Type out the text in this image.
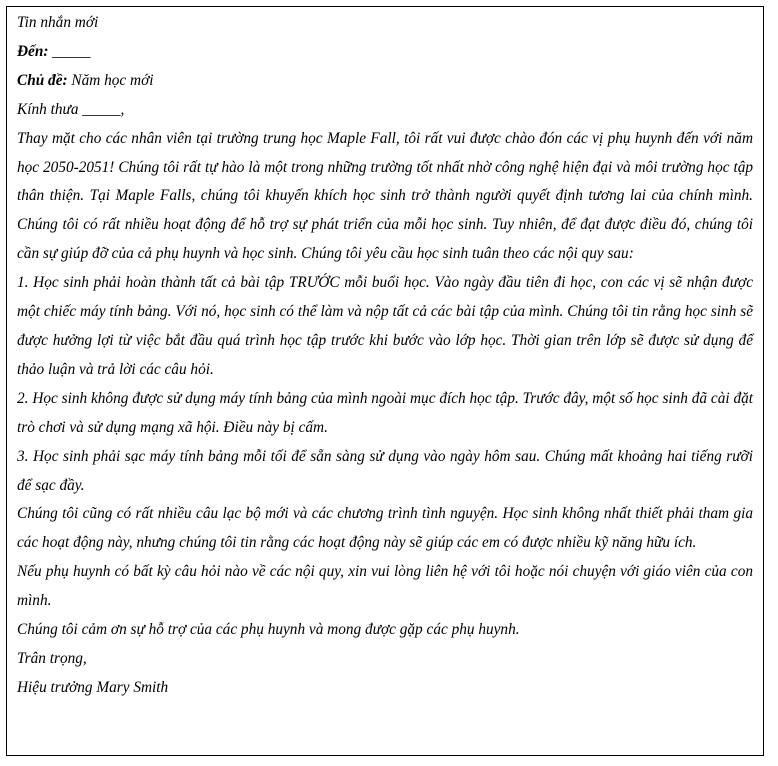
Tin nhắn mới

Đến: _____

Chủ đề: Năm học mới

Kính thưa _____,

Thay mặt cho các nhân viên tại trường trung học Maple Fall, tôi rất vui được chào đón các vị phụ huynh đến với năm học 2050-2051! Chúng tôi rất tự hào là một trong những trường tốt nhất nhờ công nghệ hiện đại và môi trường học tập thân thiện. Tại Maple Falls, chúng tôi khuyến khích học sinh trở thành người quyết định tương lai của chính mình. Chúng tôi có rất nhiều hoạt động để hỗ trợ sự phát triển của mỗi học sinh. Tuy nhiên, để đạt được điều đó, chúng tôi cần sự giúp đỡ của cả phụ huynh và học sinh. Chúng tôi yêu cầu học sinh tuân theo các nội quy sau:

1. Học sinh phải hoàn thành tất cả bài tập TRƯỚC mỗi buổi học. Vào ngày đầu tiên đi học, con các vị sẽ nhận được một chiếc máy tính bảng. Với nó, học sinh có thể làm và nộp tất cả các bài tập của mình. Chúng tôi tin rằng học sinh sẽ được hưởng lợi từ việc bắt đầu quá trình học tập trước khi bước vào lớp học. Thời gian trên lớp sẽ được sử dụng để thảo luận và trả lời các câu hỏi.

2. Học sinh không được sử dụng máy tính bảng của mình ngoài mục đích học tập. Trước đây, một số học sinh đã cài đặt trò chơi và sử dụng mạng xã hội. Điều này bị cấm.

3. Học sinh phải sạc máy tính bảng mỗi tối để sẵn sàng sử dụng vào ngày hôm sau. Chúng mất khoảng hai tiếng rưỡi để sạc đầy.

Chúng tôi cũng có rất nhiều câu lạc bộ mới và các chương trình tình nguyện. Học sinh không nhất thiết phải tham gia các hoạt động này, nhưng chúng tôi tin rằng các hoạt động này sẽ giúp các em có được nhiều kỹ năng hữu ích.

Nếu phụ huynh có bất kỳ câu hỏi nào về các nội quy, xin vui lòng liên hệ với tôi hoặc nói chuyện với giáo viên của con mình.

Chúng tôi cảm ơn sự hỗ trợ của các phụ huynh và mong được gặp các phụ huynh.

Trân trọng,

Hiệu trưởng Mary Smith
